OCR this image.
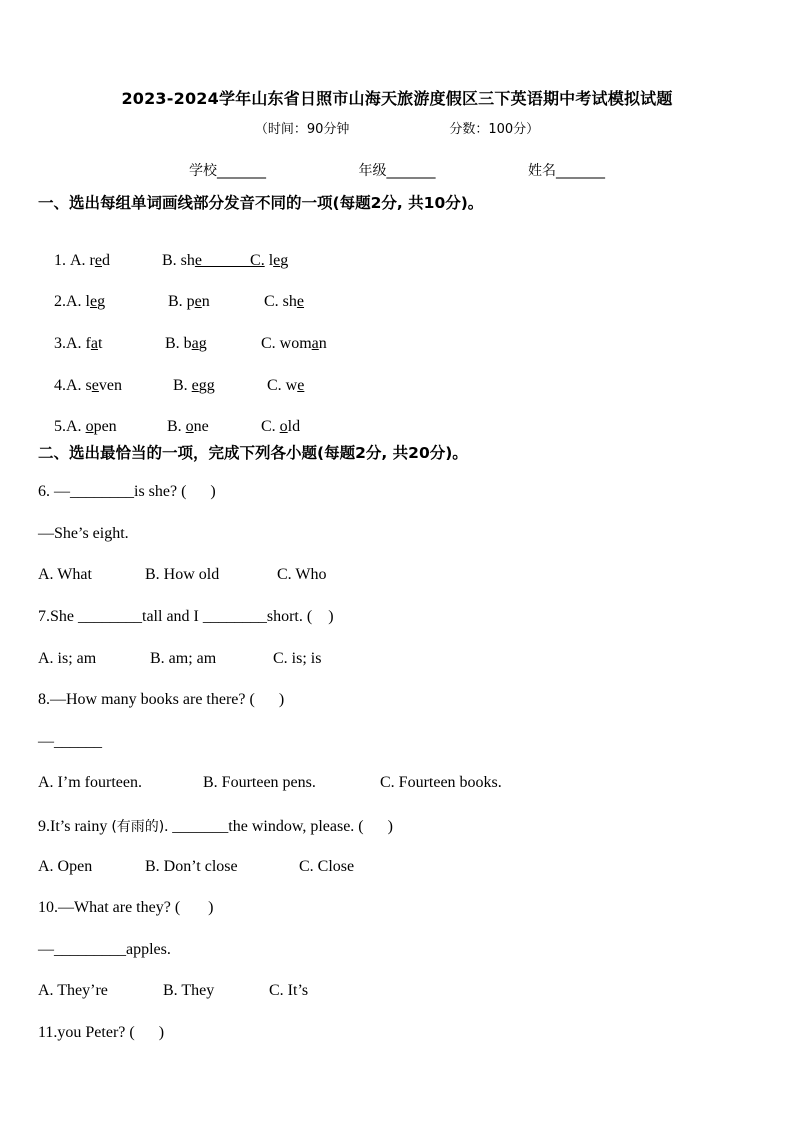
2023-2024学年山东省日照市山海天旅游度假区三下英语期中考试模拟试题
（时间：90分钟	分数：100分）
学校_______	年级_______	姓名_______
一、选出每组单词画线部分发音不同的一项(每题2分, 共10分)。

1. A. red	B. she______C. leg

2.A. leg	B. pen	C. she

3.A. fat	B. bag	C. woman

4.A. seven	B. egg	C. we

5.A. open	B. one	C. old

二、选出最恰当的一项，完成下列各小题(每题2分, 共20分)。
6. —________is she? (      )
—She’s eight.
A. What	B. How old	C. Who
7.She ________tall and I ________short. (    )
A. is; am	B. am; am	C. is; is
8.—How many books are there? (      )
—______
A. I’m fourteen.	B. Fourteen pens.	C. Fourteen books.
9.It’s rainy (有雨的). _______the window, please. (      )
A. Open	B. Don’t close	C. Close
10.—What are they? (       )
—_________apples.
A. They’re	B. They	C. It’s
11.you Peter? (      )
